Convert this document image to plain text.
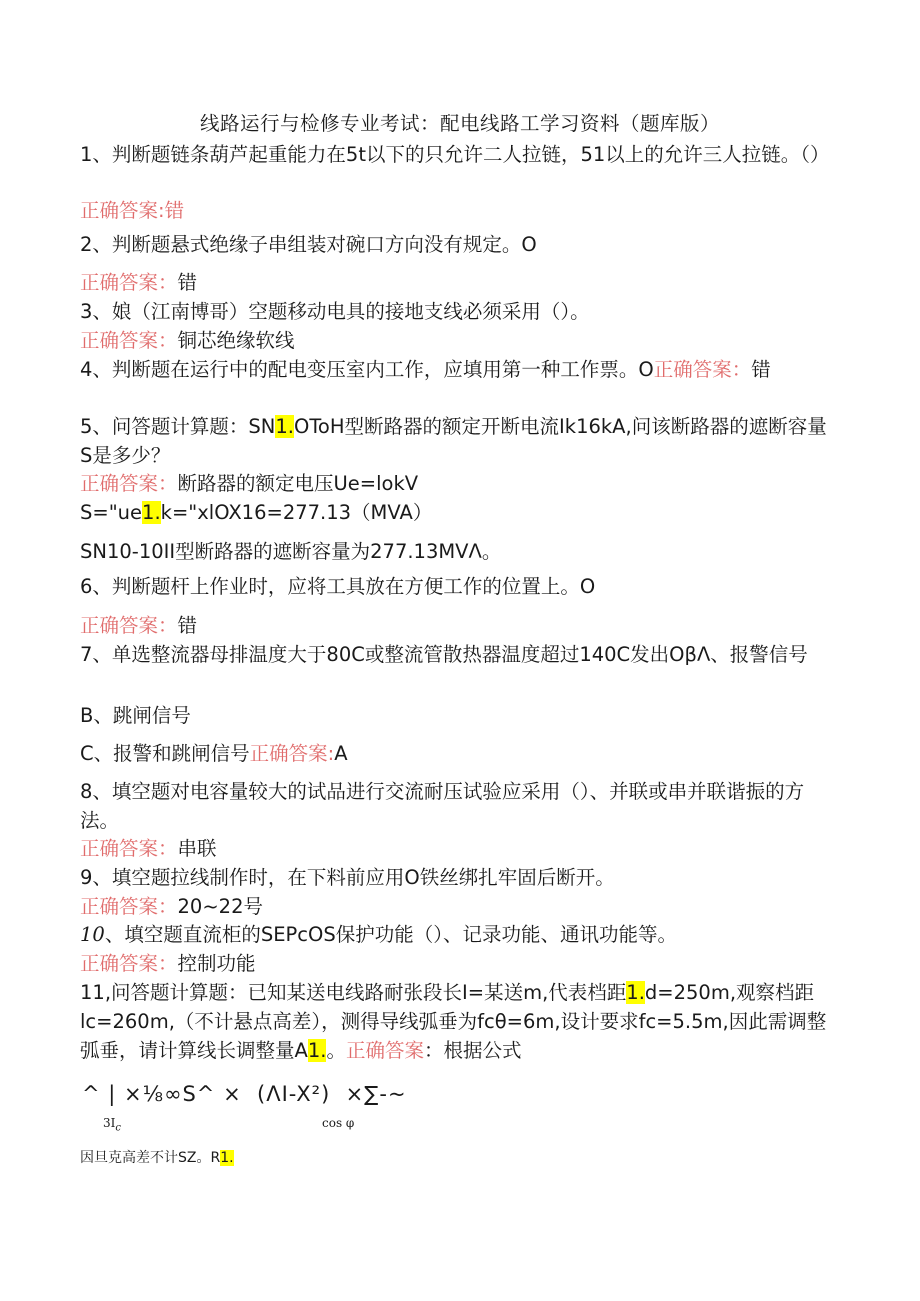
线路运行与检修专业考试：配电线路工学习资料（题库版）
1、判断题链条葫芦起重能力在5t以下的只允许二人拉链，51以上的允许三人拉链。（）
正确答案:错
2、判断题悬式绝缘子串组装对碗口方向没有规定。O
正确答案：错
3、娘（江南博哥）空题移动电具的接地支线必须采用（）。
正确答案：铜芯绝缘软线
4、判断题在运行中的配电变压室内工作，应填用第一种工作票。O正确答案：错
5、问答题计算题：SN1.OToH型断路器的额定开断电流Ik16kA,问该断路器的遮断容量S是多少？
正确答案：断路器的额定电压Ue=lokV
S="ue1.k="xlOX16=277.13（MVA）
SN10-10II型断路器的遮断容量为277.13MVΛ。
6、判断题杆上作业时，应将工具放在方便工作的位置上。O
正确答案：错
7、单选整流器母排温度大于80C或整流管散热器温度超过140C发出OβΛ、报警信号
B、跳闸信号
C、报警和跳闸信号正确答案:A
8、填空题对电容量较大的试品进行交流耐压试验应采用（）、并联或串并联谐振的方法。
正确答案：串联
9、填空题拉线制作时，在下料前应用O铁丝绑扎牢固后断开。
正确答案：20~22号
10、填空题直流柜的SEPcOS保护功能（）、记录功能、通讯功能等。
正确答案：控制功能
11,问答题计算题：已知某送电线路耐张段长I=某送m,代表档距1.d=250m,观察档距lc=260m,（不计悬点高差），测得导线弧垂为fcθ=6m,设计要求fc=5.5m,因此需调整弧垂，请计算线长调整量A1.。正确答案：根据公式
^ | ×⅛∞S^ ×  (ΛI-X²)  ×∑-~
$3I_c$	cos φ
因旦克高差不计SZ。R1.
